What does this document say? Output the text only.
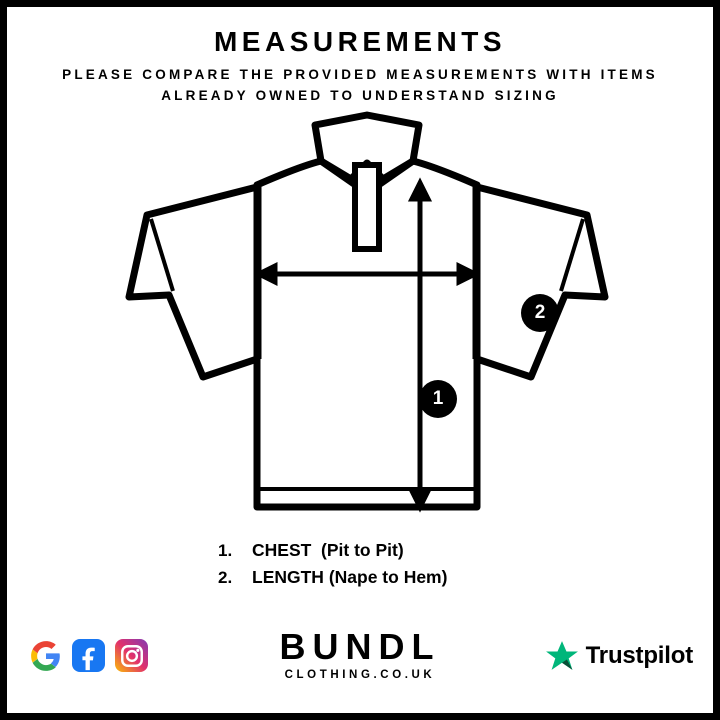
MEASUREMENTS
PLEASE COMPARE THE PROVIDED MEASUREMENTS WITH ITEMS ALREADY OWNED TO UNDERSTAND SIZING
1
2
1.	CHEST (Pit to Pit)
2.	LENGTH (Nape to Hem)
BUNDL
CLOTHING.CO.UK
Trustpilot
